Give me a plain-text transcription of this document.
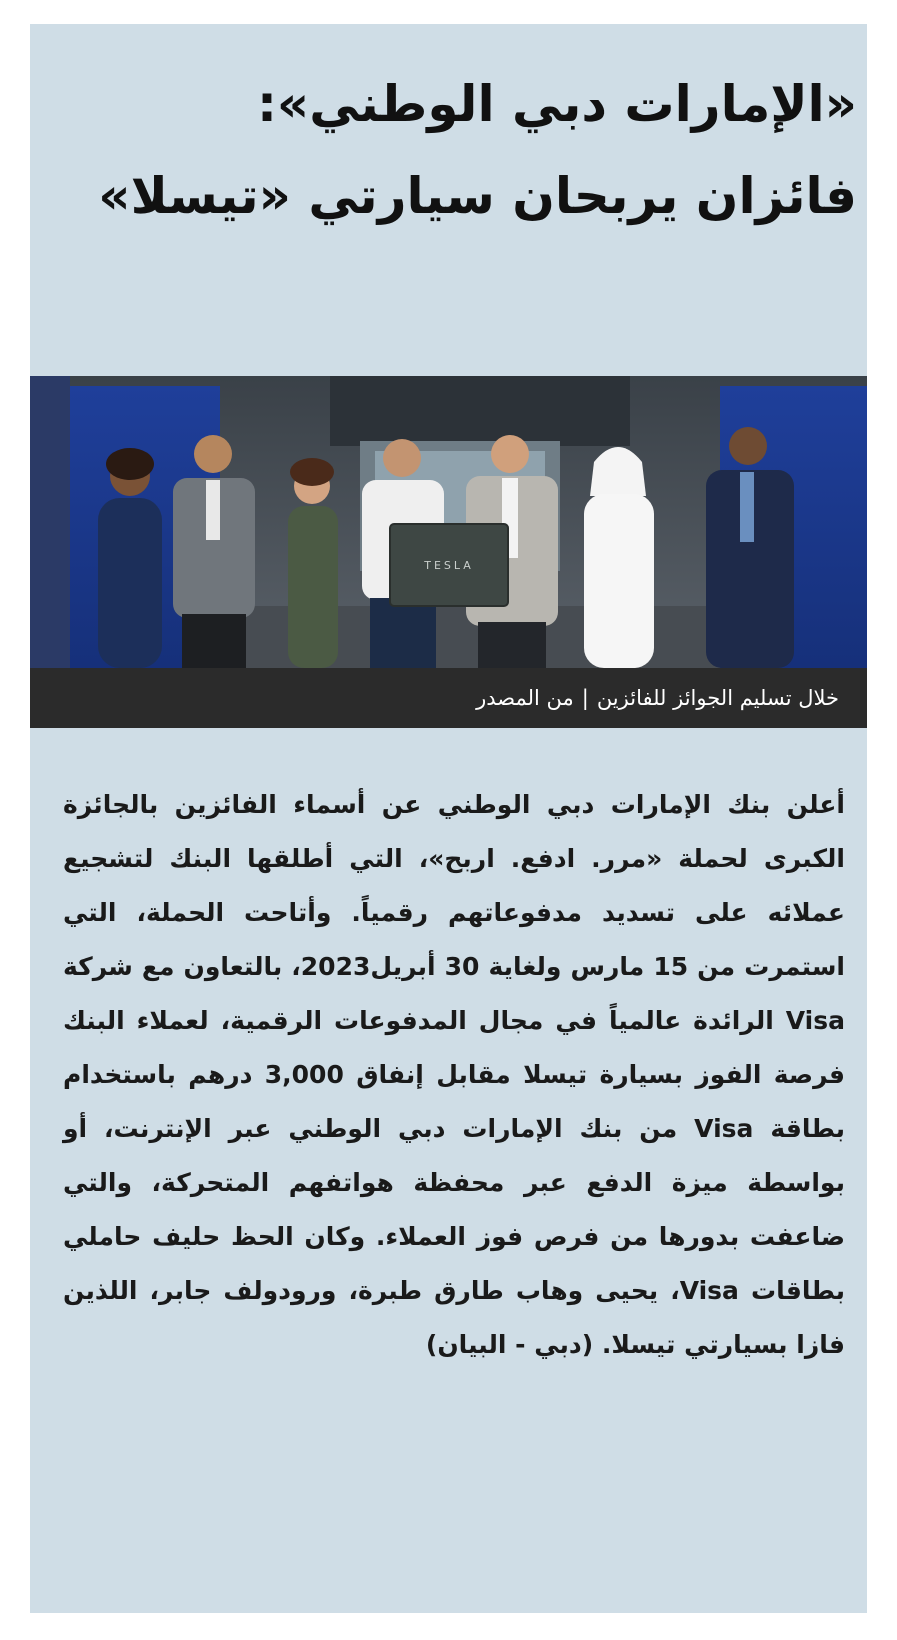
«الإمارات دبي الوطني»: فائزان يربحان سيارتي «تيسلا»
TESLA
خلال تسليم الجوائز للفائزين|من المصدر

أعلن بنك الإمارات دبي الوطني عن أسماء الفائزين بالجائزة الكبرى لحملة «مرر. ادفع. اربح»، التي أطلقها البنك لتشجيع عملائه على تسديد مدفوعاتهم رقمياً. وأتاحت الحملة، التي استمرت من 15 مارس ولغاية 30 أبريل2023، بالتعاون مع شركة Visa الرائدة عالمياً في مجال المدفوعات الرقمية، لعملاء البنك فرصة الفوز بسيارة تيسلا مقابل إنفاق 3,000 درهم باستخدام بطاقة Visa من بنك الإمارات دبي الوطني عبر الإنترنت، أو بواسطة ميزة الدفع عبر محفظة هواتفهم المتحركة، والتي ضاعفت بدورها من فرص فوز العملاء. وكان الحظ حليف حاملي بطاقات Visa، يحيى وهاب طارق طبرة، ورودولف جابر، اللذين فازا بسيارتي تيسلا. (دبي - البيان)
